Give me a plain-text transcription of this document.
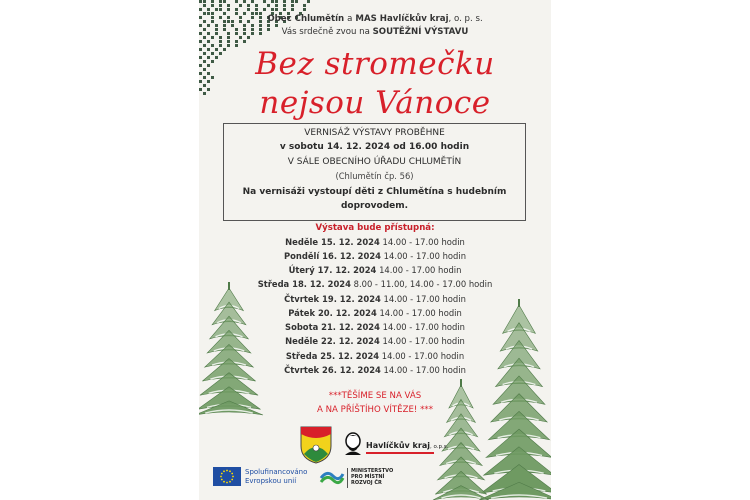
Obec Chlumětín a MAS Havlíčkův kraj, o. p. s.
Vás srdečně zvou na SOUTĚŽNÍ VÝSTAVU
Bez stromečku
nejsou Vánoce
VERNISÁŽ VÝSTAVY PROBĚHNE
v sobotu 14. 12. 2024 od 16.00 hodin
V SÁLE OBECNÍHO ÚŘADU CHLUMĚTÍN
(Chlumětín čp. 56)
Na vernisáži vystoupí děti z Chlumětína s hudebním
doprovodem.
Výstava bude přístupná:
Neděle 15. 12. 2024 14.00 - 17.00 hodin
Pondělí 16. 12. 2024 14.00 - 17.00 hodin
Úterý 17. 12. 2024 14.00 - 17.00 hodin
Středa 18. 12. 2024 8.00 - 11.00, 14.00 - 17.00 hodin
Čtvrtek 19. 12. 2024 14.00 - 17.00 hodin
Pátek 20. 12. 2024 14.00 - 17.00 hodin
Sobota 21. 12. 2024 14.00 - 17.00 hodin
Neděle 22. 12. 2024 14.00 - 17.00 hodin
Středa 25. 12. 2024 14.00 - 17.00 hodin
Čtvrtek 26. 12. 2024 14.00 - 17.00 hodin
***TĚŠÍME SE NA VÁS
A NA PŘÍŠTÍHO VÍTĚZE! ***
Havlíčkův kraj, o.p.s.
Spolufinancováno
Evropskou unií
MINISTERSTVO
PRO MÍSTNÍ
ROZVOJ ČR
